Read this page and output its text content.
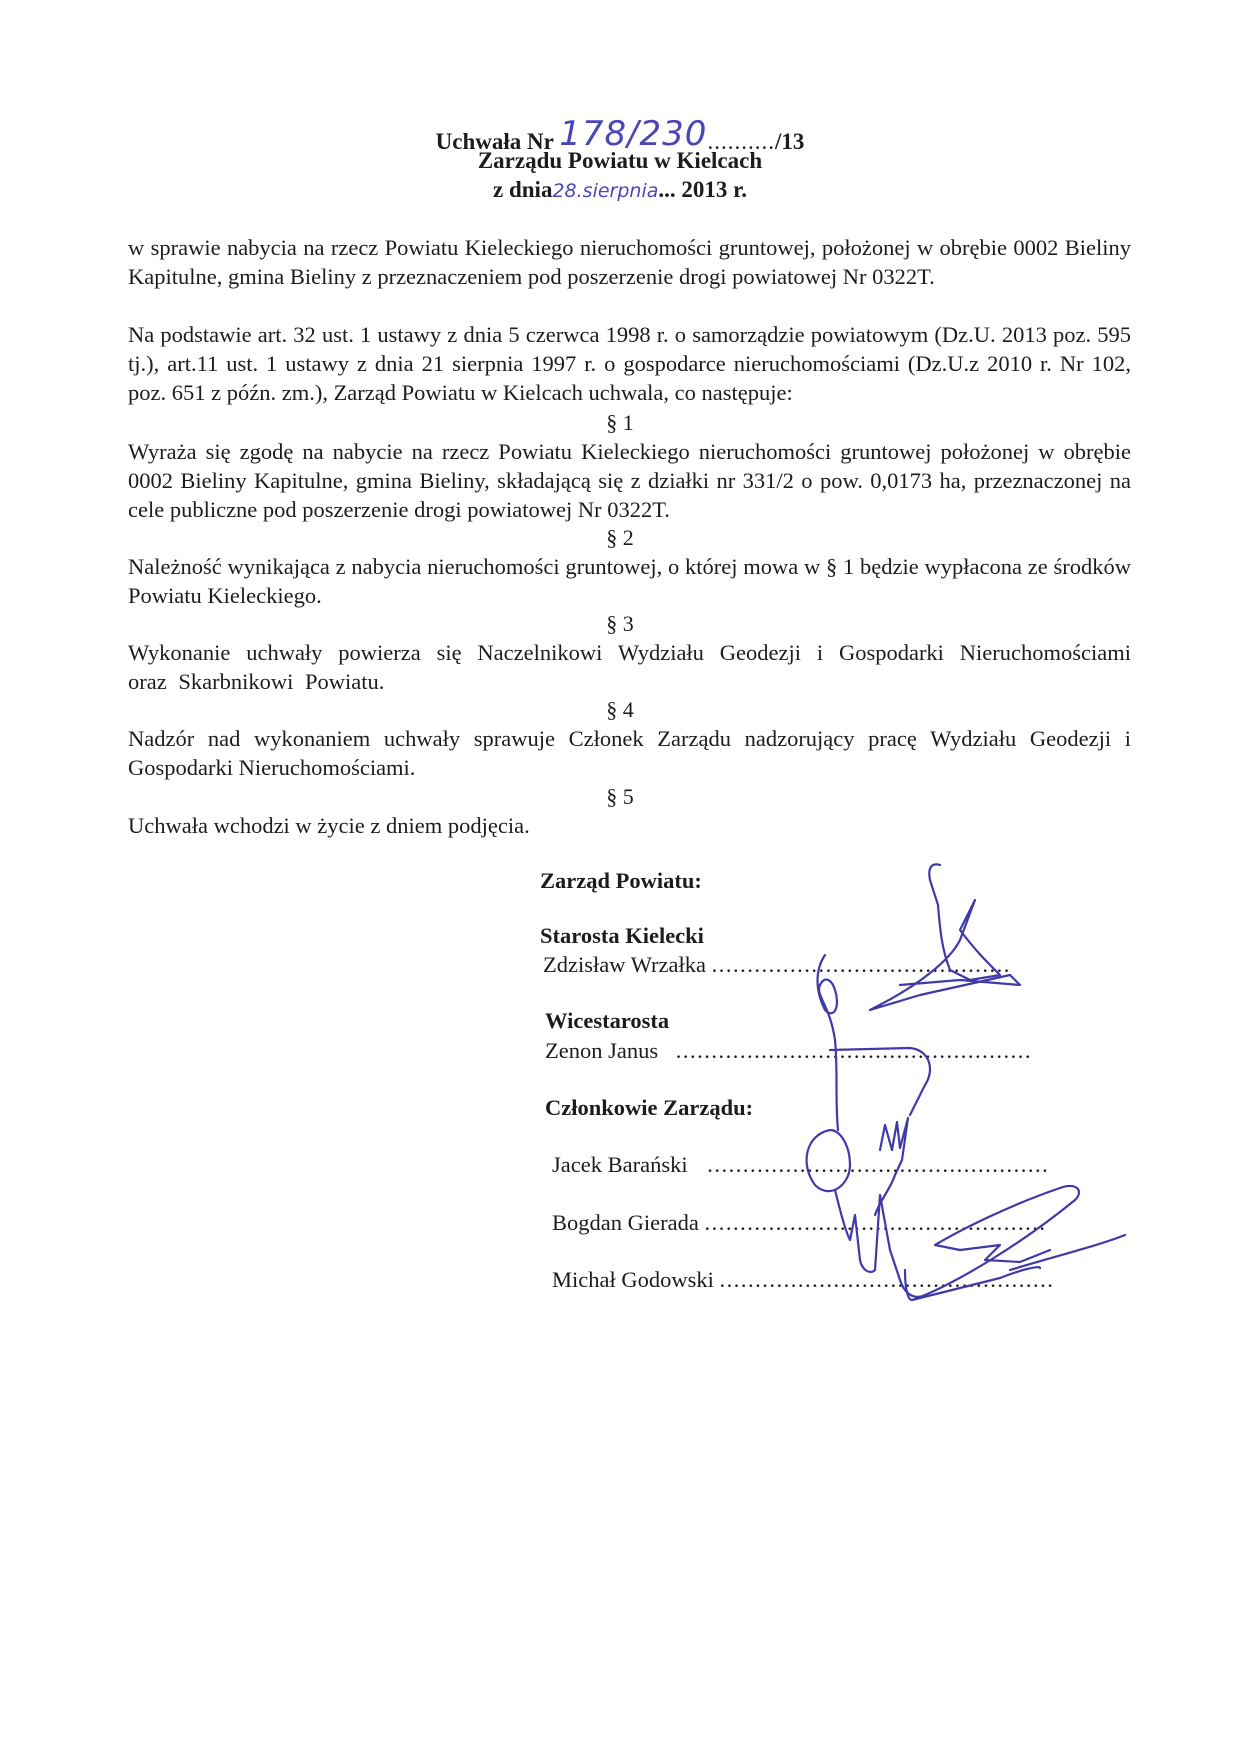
Uchwała Nr 178/230........../13
Zarządu Powiatu w Kielcach
z dnia28.sierpnia... 2013 r.
w sprawie nabycia na rzecz Powiatu Kieleckiego nieruchomości gruntowej, położonej w obrębie 0002 Bieliny Kapitulne, gmina Bieliny z przeznaczeniem pod poszerzenie drogi powiatowej Nr 0322T.
Na podstawie art. 32 ust. 1 ustawy z dnia 5 czerwca 1998 r. o samorządzie powiatowym (Dz.U. 2013 poz. 595 tj.), art.11 ust. 1 ustawy z dnia 21 sierpnia 1997 r. o gospodarce nieruchomościami (Dz.U.z 2010 r. Nr 102, poz. 651 z późn. zm.), Zarząd Powiatu w Kielcach uchwala, co następuje:
§ 1
Wyraża się zgodę na nabycie na rzecz Powiatu Kieleckiego nieruchomości gruntowej położonej w obrębie 0002 Bieliny Kapitulne, gmina Bieliny, składającą się z działki nr 331/2 o pow. 0,0173 ha, przeznaczonej na cele publiczne pod poszerzenie drogi powiatowej Nr 0322T.
§ 2
Należność wynikająca z nabycia nieruchomości gruntowej, o której mowa w § 1 będzie wypłacona ze środków Powiatu Kieleckiego.
§ 3
Wykonanie uchwały powierza się Naczelnikowi Wydziału Geodezji i Gospodarki Nieruchomościami oraz Skarbnikowi Powiatu.
§ 4
Nadzór nad wykonaniem uchwały sprawuje Członek Zarządu nadzorujący pracę Wydziału Geodezji i Gospodarki Nieruchomościami.
§ 5
Uchwała wchodzi w życie z dniem podjęcia.
Zarząd Powiatu:
Starosta Kielecki
Zdzisław Wrzałka ..........................................
Wicestarosta
Zenon Janus ..................................................
Członkowie Zarządu:
Jacek Barański ................................................
Bogdan Gierada ................................................
Michał Godowski ...............................................
